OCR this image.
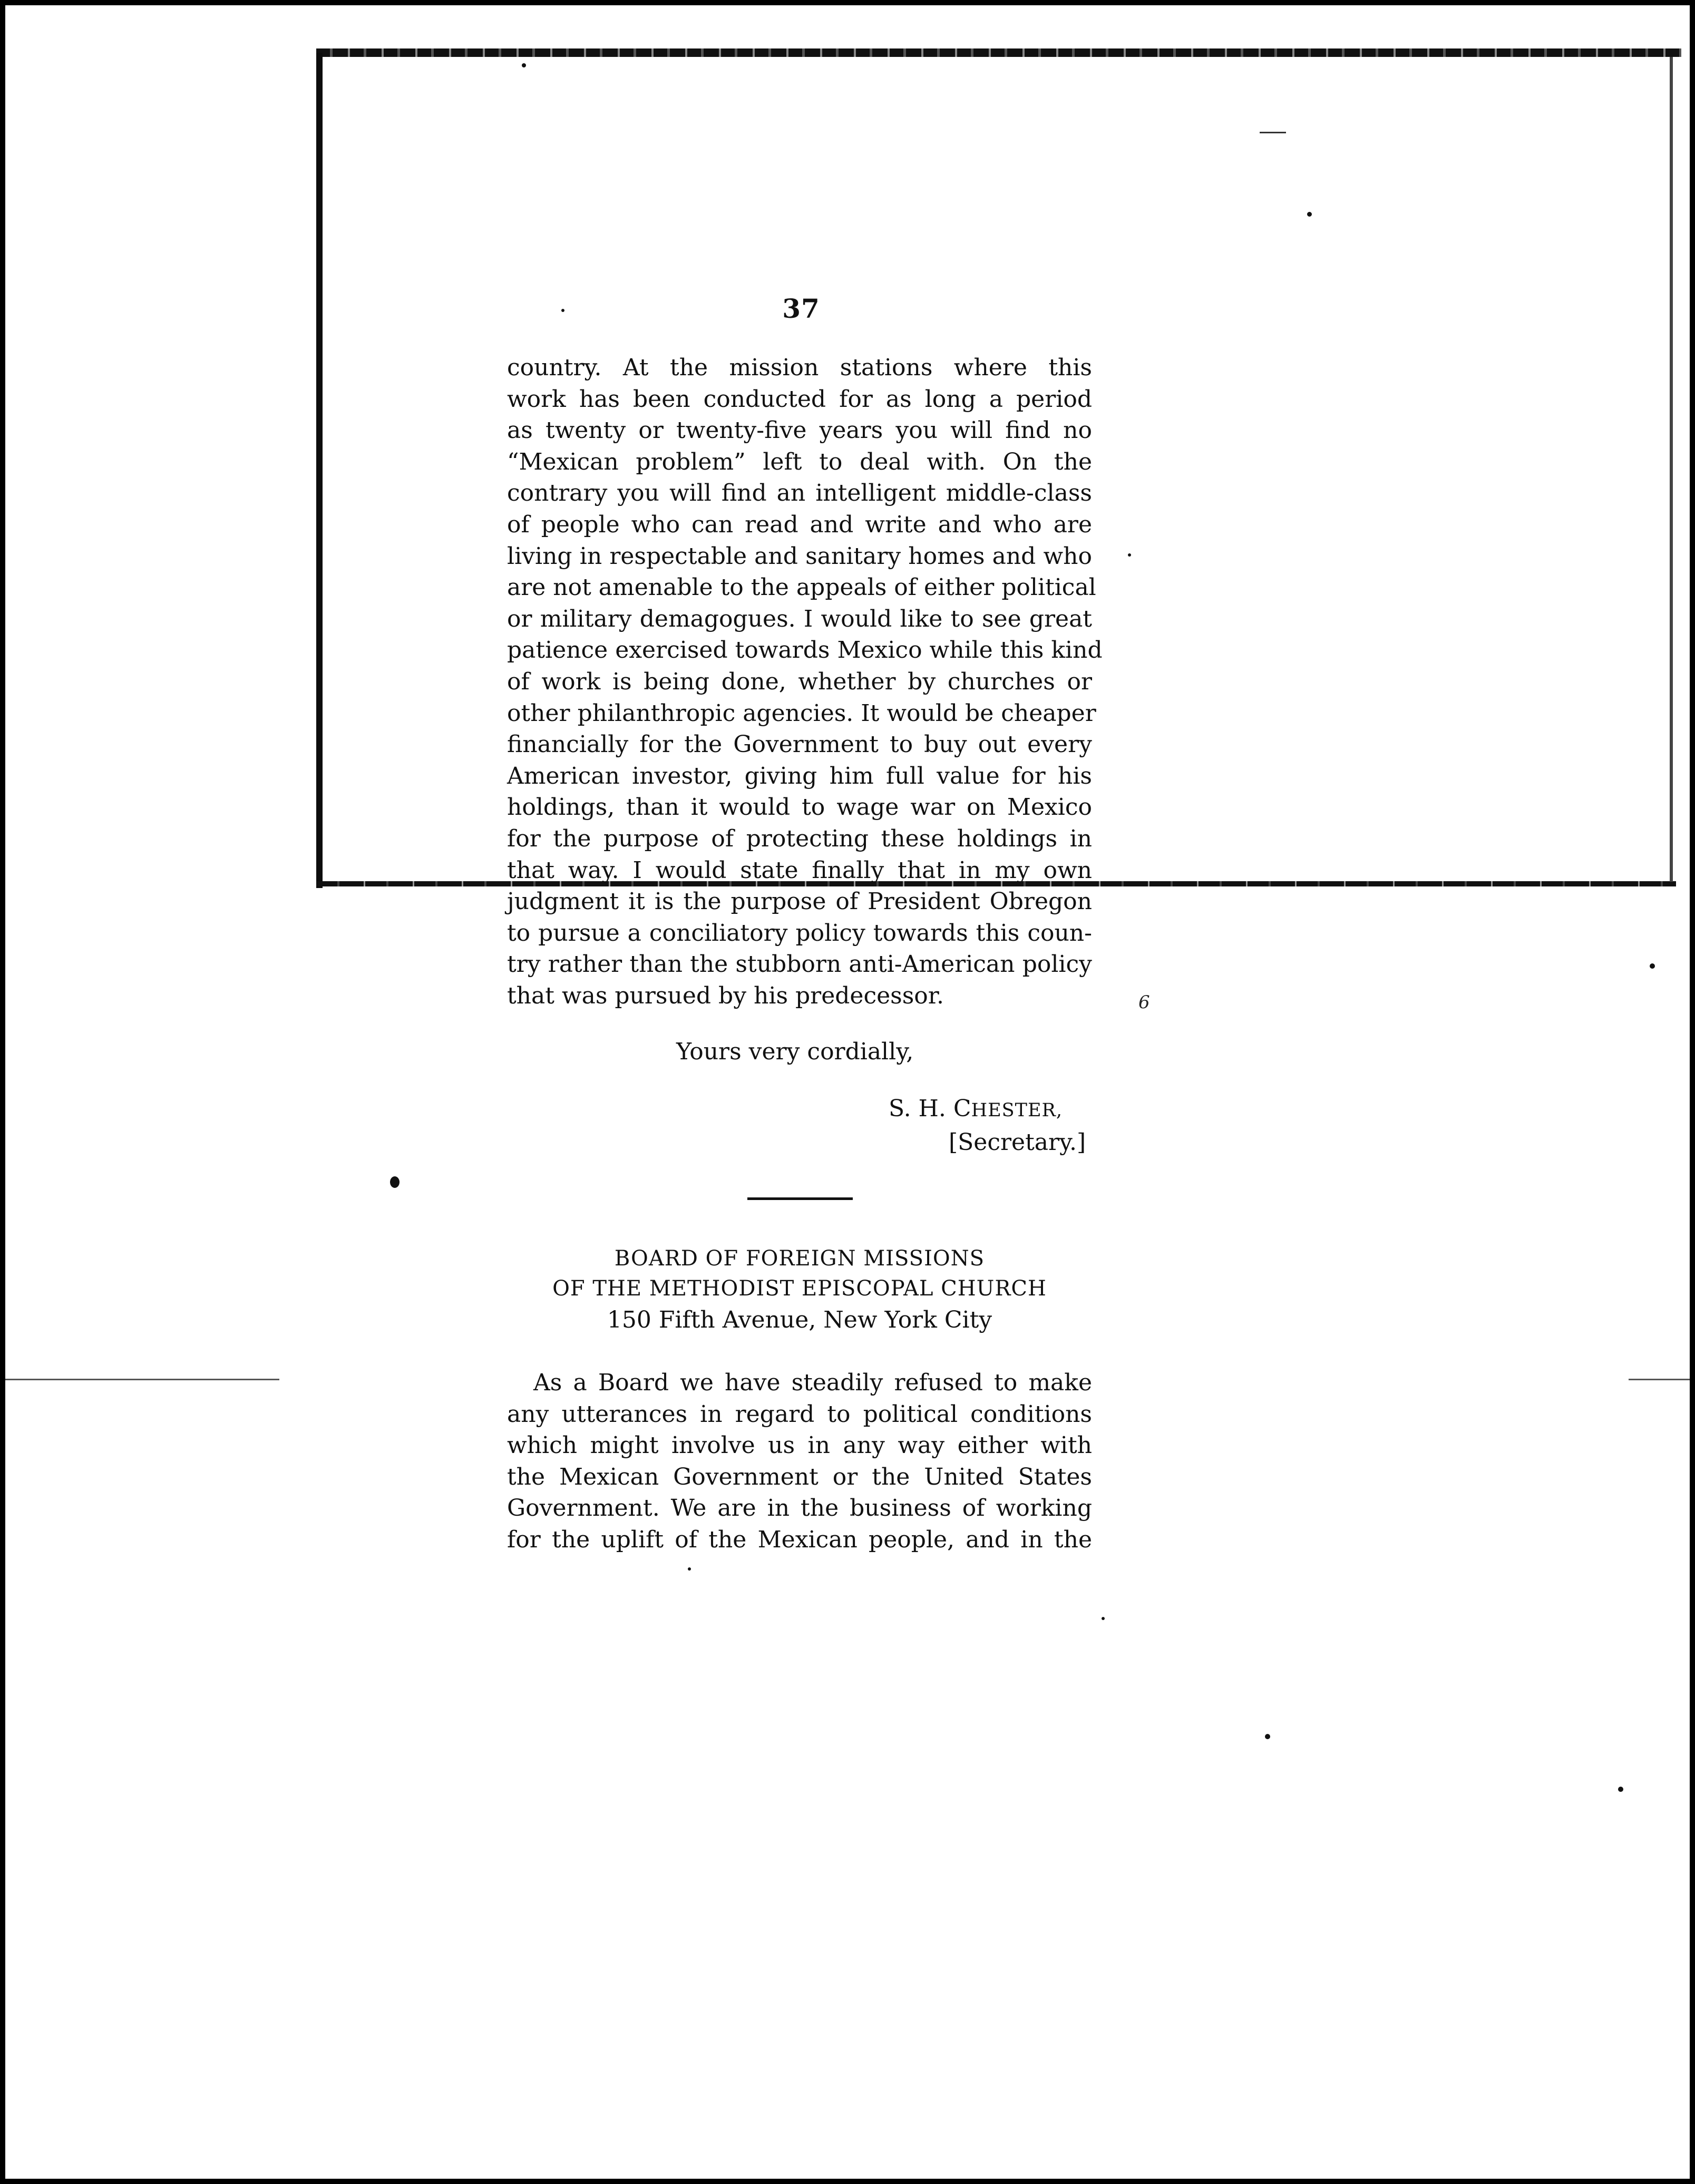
37
country. At the mission stations where this
work has been conducted for as long a period
as twenty or twenty-five years you will find no
“Mexican problem” left to deal with. On the
contrary you will find an intelligent middle-class
of people who can read and write and who are
living in respectable and sanitary homes and who
are not amenable to the appeals of either political
or military demagogues. I would like to see great
patience exercised towards Mexico while this kind
of work is being done, whether by churches or
other philanthropic agencies. It would be cheaper
financially for the Government to buy out every
American investor, giving him full value for his
holdings, than it would to wage war on Mexico
for the purpose of protecting these holdings in
that way. I would state finally that in my own
judgment it is the purpose of President Obregon
to pursue a conciliatory policy towards this coun-
try rather than the stubborn anti-American policy
that was pursued by his predecessor.	6
Yours very cordially,
S. H. CHESTER,
[Secretary.]
BOARD OF FOREIGN MISSIONS
OF THE METHODIST EPISCOPAL CHURCH
150 Fifth Avenue, New York City
As a Board we have steadily refused to make
any utterances in regard to political conditions
which might involve us in any way either with
the Mexican Government or the United States
Government. We are in the business of working
for the uplift of the Mexican people, and in the
